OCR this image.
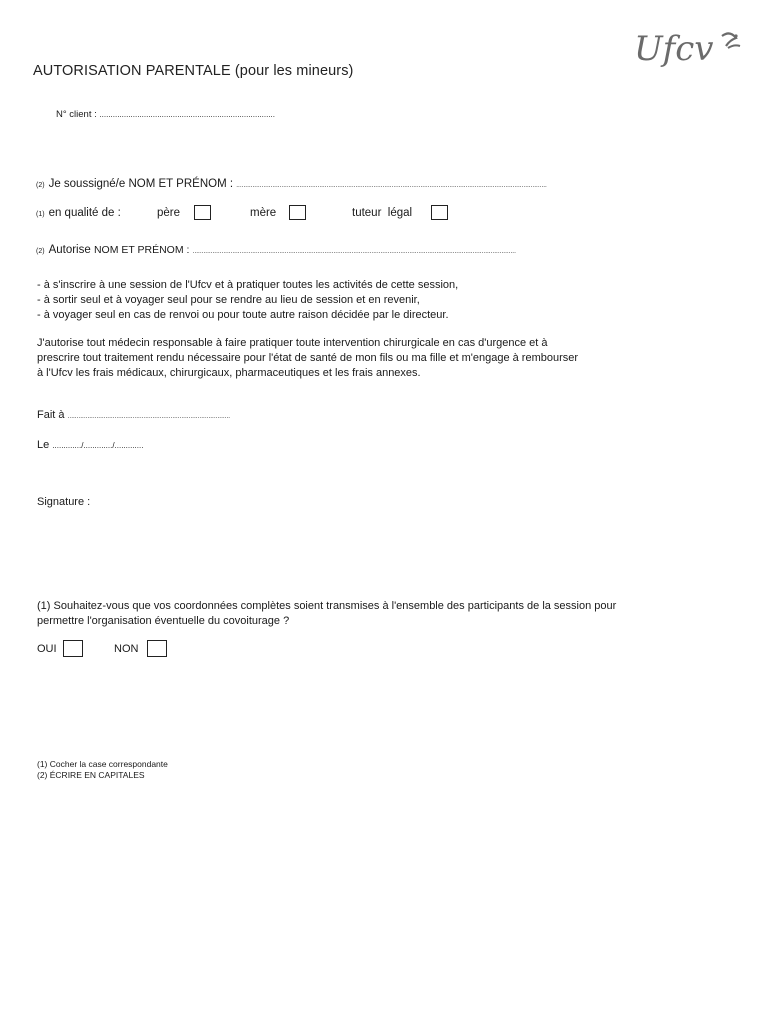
Ufcv
AUTORISATION PARENTALE (pour les mineurs)
N° client : ...............................................................................
(2) Je soussigné/e NOM ET PRÉNOM : ............................................................................................................................................................................
(1) en qualité de :	père	mère	tuteur  légal
(2) Autorise NOM ET PRÉNOM : ...................................................................................................................................................................................
- à s'inscrire à une session de l'Ufcv et à pratiquer toutes les activités de cette session,
- à sortir seul et à voyager seul pour se rendre au lieu de session et en revenir,
- à voyager seul en cas de renvoi ou pour toute autre raison décidée par le directeur.
J'autorise tout médecin responsable à faire pratiquer toute intervention chirurgicale en cas d'urgence et à
prescrire tout traitement rendu nécessaire pour l'état de santé de mon fils ou ma fille et m'engage à rembourser
à l'Ufcv les frais médicaux, chirurgicaux, pharmaceutiques et les frais annexes.
Fait à ..........................................................................................
Le ............./............./.............
Signature :
(1) Souhaitez-vous que vos coordonnées complètes soient transmises à l'ensemble des participants de la session pour
permettre l'organisation éventuelle du covoiturage ?
OUI	NON
(1) Cocher la case correspondante
(2) ÉCRIRE EN CAPITALES
